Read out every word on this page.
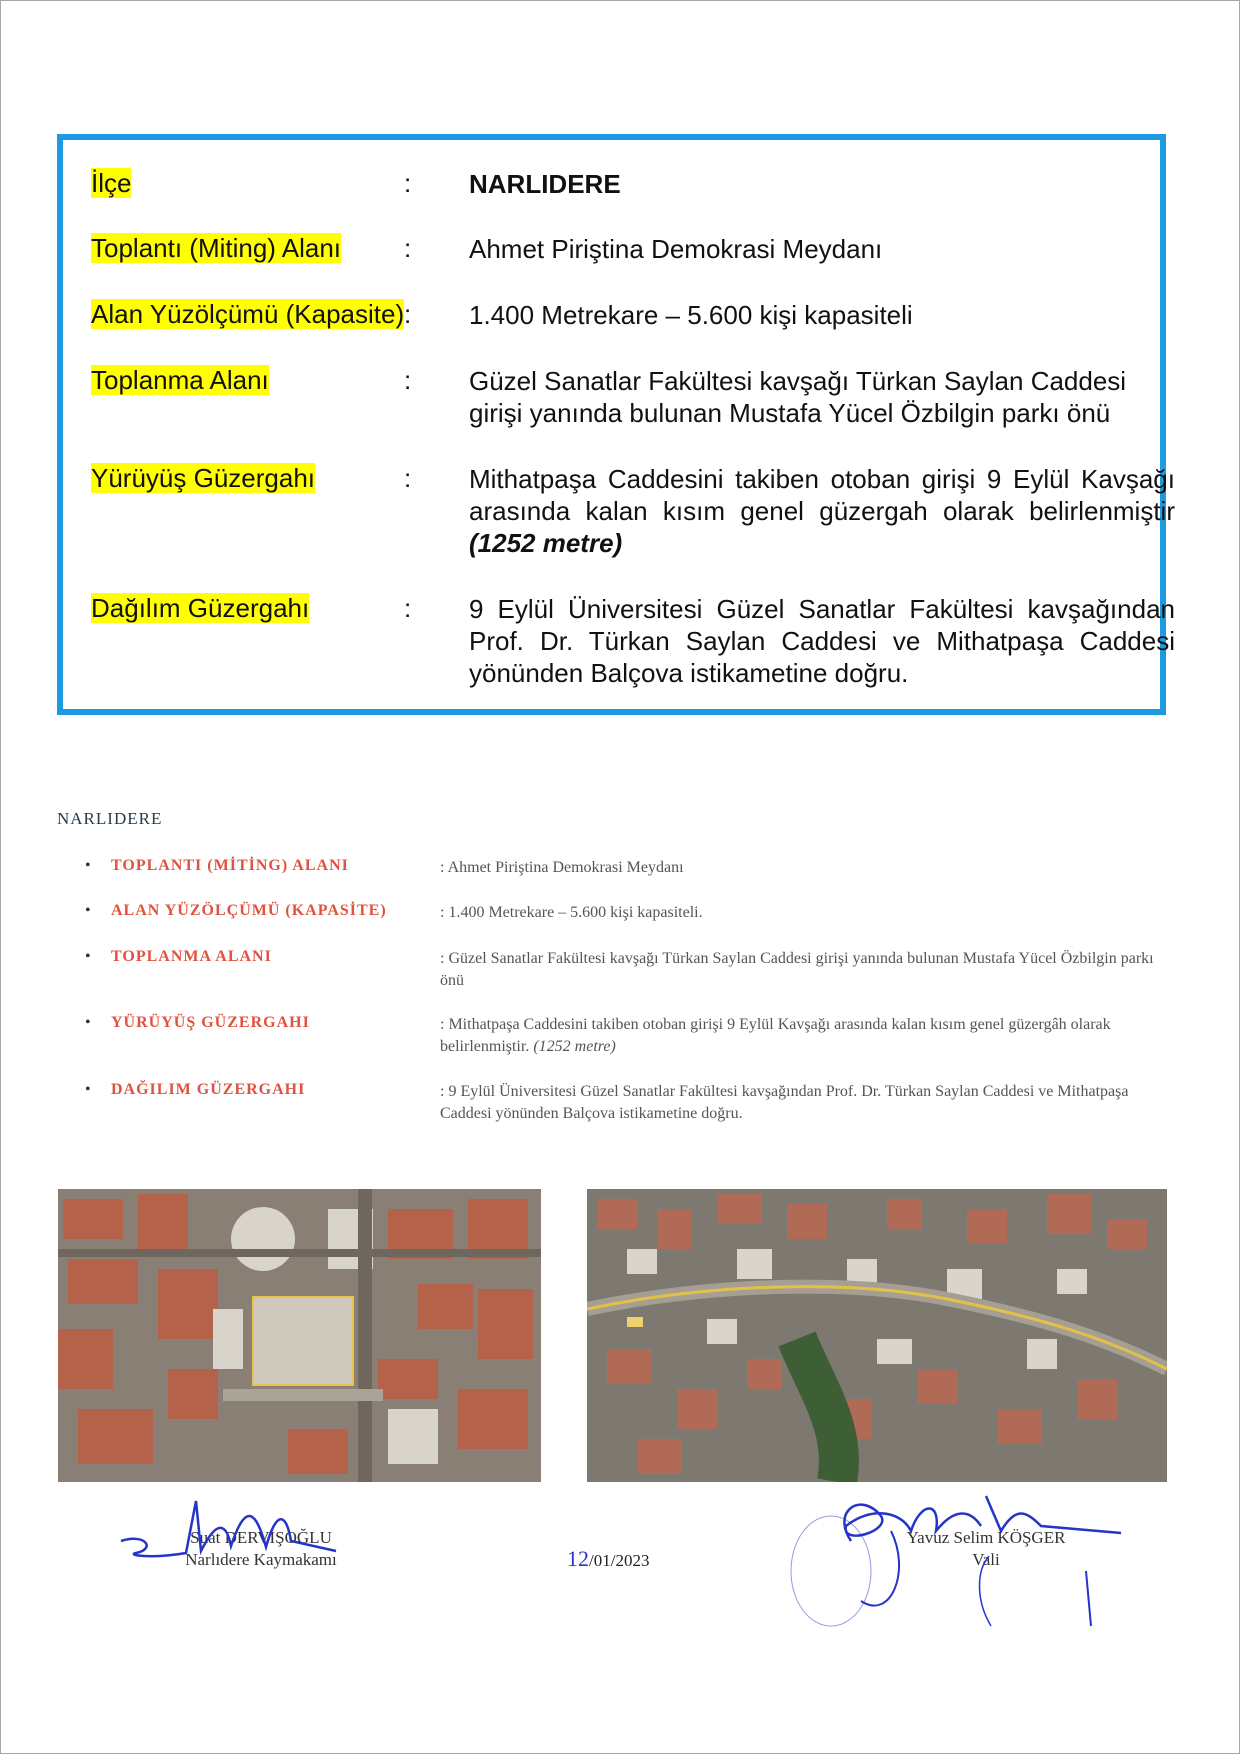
İlçe	: NARLIDERE
Toplantı (Miting) Alanı : Ahmet Piriştina Demokrasi Meydanı
Alan Yüzölçümü (Kapasite) : 1.400 Metrekare – 5.600 kişi kapasiteli
Toplanma Alanı	: Güzel Sanatlar Fakültesi kavşağı Türkan Saylan Caddesi girişi yanında bulunan Mustafa Yücel Özbilgin parkı önü
Yürüyüş Güzergahı	: Mithatpaşa Caddesini takiben otoban girişi 9 Eylül Kavşağı arasında kalan kısım genel güzergah olarak belirlenmiştir (1252 metre)
Dağılım Güzergahı	: 9 Eylül Üniversitesi Güzel Sanatlar Fakültesi kavşağından Prof. Dr. Türkan Saylan Caddesi ve Mithatpaşa Caddesi yönünden Balçova istikametine doğru.
NARLIDERE
• TOPLANTI (MİTİNG) ALANI	: Ahmet Piriştina Demokrasi Meydanı
• ALAN YÜZÖLÇÜMÜ (KAPASİTE)	: 1.400 Metrekare – 5.600 kişi kapasiteli.
• TOPLANMA ALANI	: Güzel Sanatlar Fakültesi kavşağı Türkan Saylan Caddesi girişi yanında bulunan Mustafa Yücel Özbilgin parkı önü
• YÜRÜYÜŞ GÜZERGAHI	: Mithatpaşa Caddesini takiben otoban girişi 9 Eylül Kavşağı arasında kalan kısım genel güzergâh olarak belirlenmiştir. (1252 metre)
• DAĞILIM GÜZERGAHI	: 9 Eylül Üniversitesi Güzel Sanatlar Fakültesi kavşağından Prof. Dr. Türkan Saylan Caddesi ve Mithatpaşa Caddesi yönünden Balçova istikametine doğru.
Suat DERVİŞOĞLU
Narlıdere Kaymakamı	12/01/2023
Yavuz Selim KÖŞGER
Vali
